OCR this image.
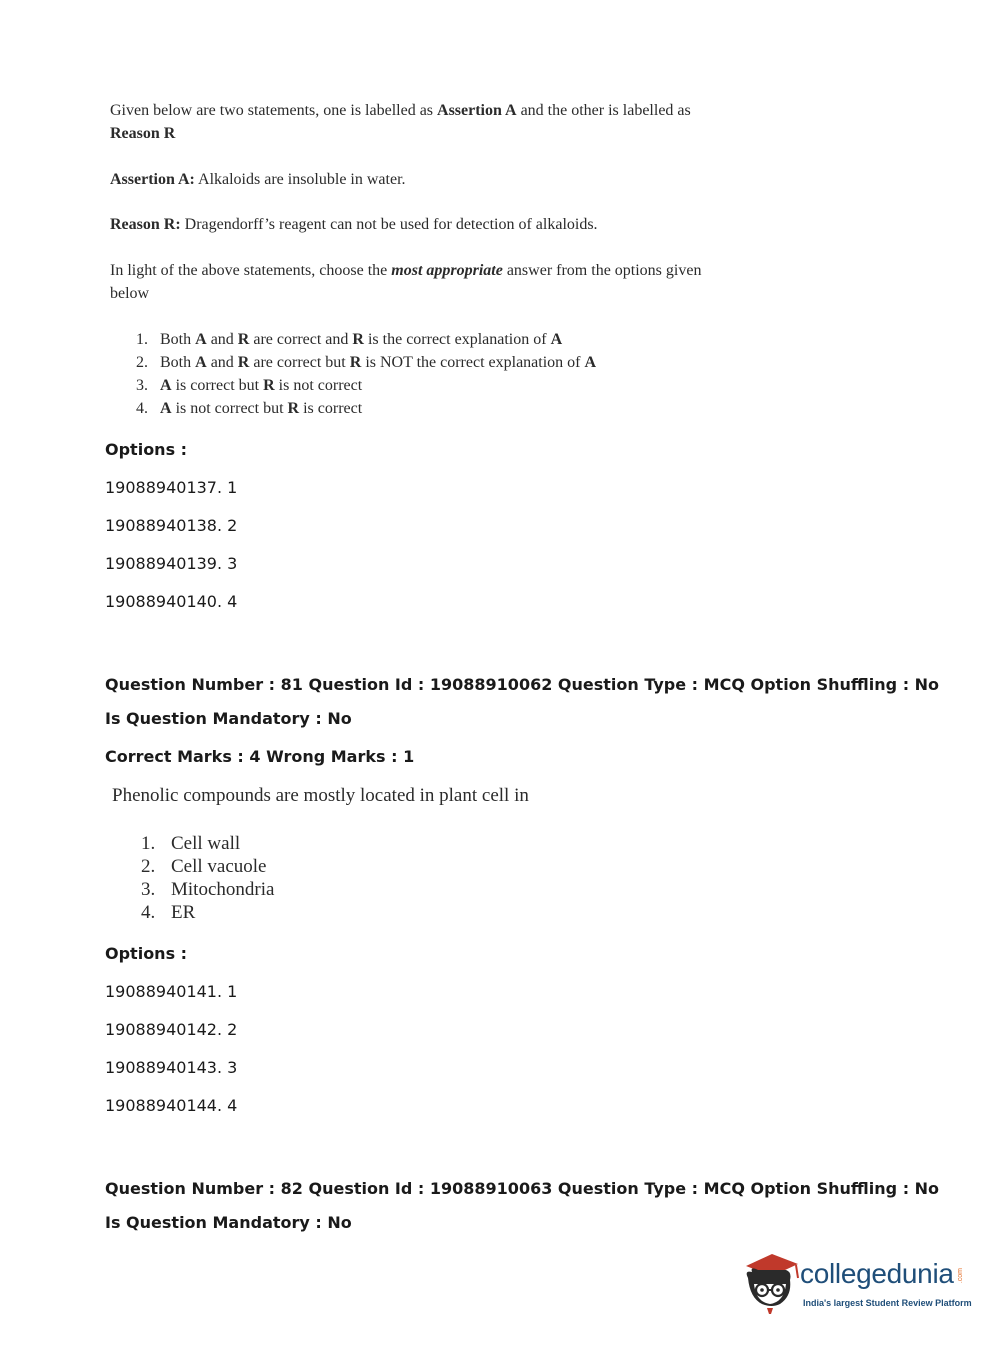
Given below are two statements, one is labelled as Assertion A and the other is labelled as
Reason R
Assertion A: Alkaloids are insoluble in water.
Reason R: Dragendorff’s reagent can not be used for detection of alkaloids.
In light of the above statements, choose the most appropriate answer from the options given
below
1. Both A and R are correct and R is the correct explanation of A
2. Both A and R are correct but R is NOT the correct explanation of A
3. A is correct but R is not correct
4. A is not correct but R is correct
Options :
19088940137. 1
19088940138. 2
19088940139. 3
19088940140. 4
Question Number : 81 Question Id : 19088910062 Question Type : MCQ Option Shuffling : No
Is Question Mandatory : No
Correct Marks : 4 Wrong Marks : 1
Phenolic compounds are mostly located in plant cell in
1. Cell wall
2. Cell vacuole
3. Mitochondria
4. ER
Options :
19088940141. 1
19088940142. 2
19088940143. 3
19088940144. 4
Question Number : 82 Question Id : 19088910063 Question Type : MCQ Option Shuffling : No
Is Question Mandatory : No
collegedunia .com
India's largest Student Review Platform
